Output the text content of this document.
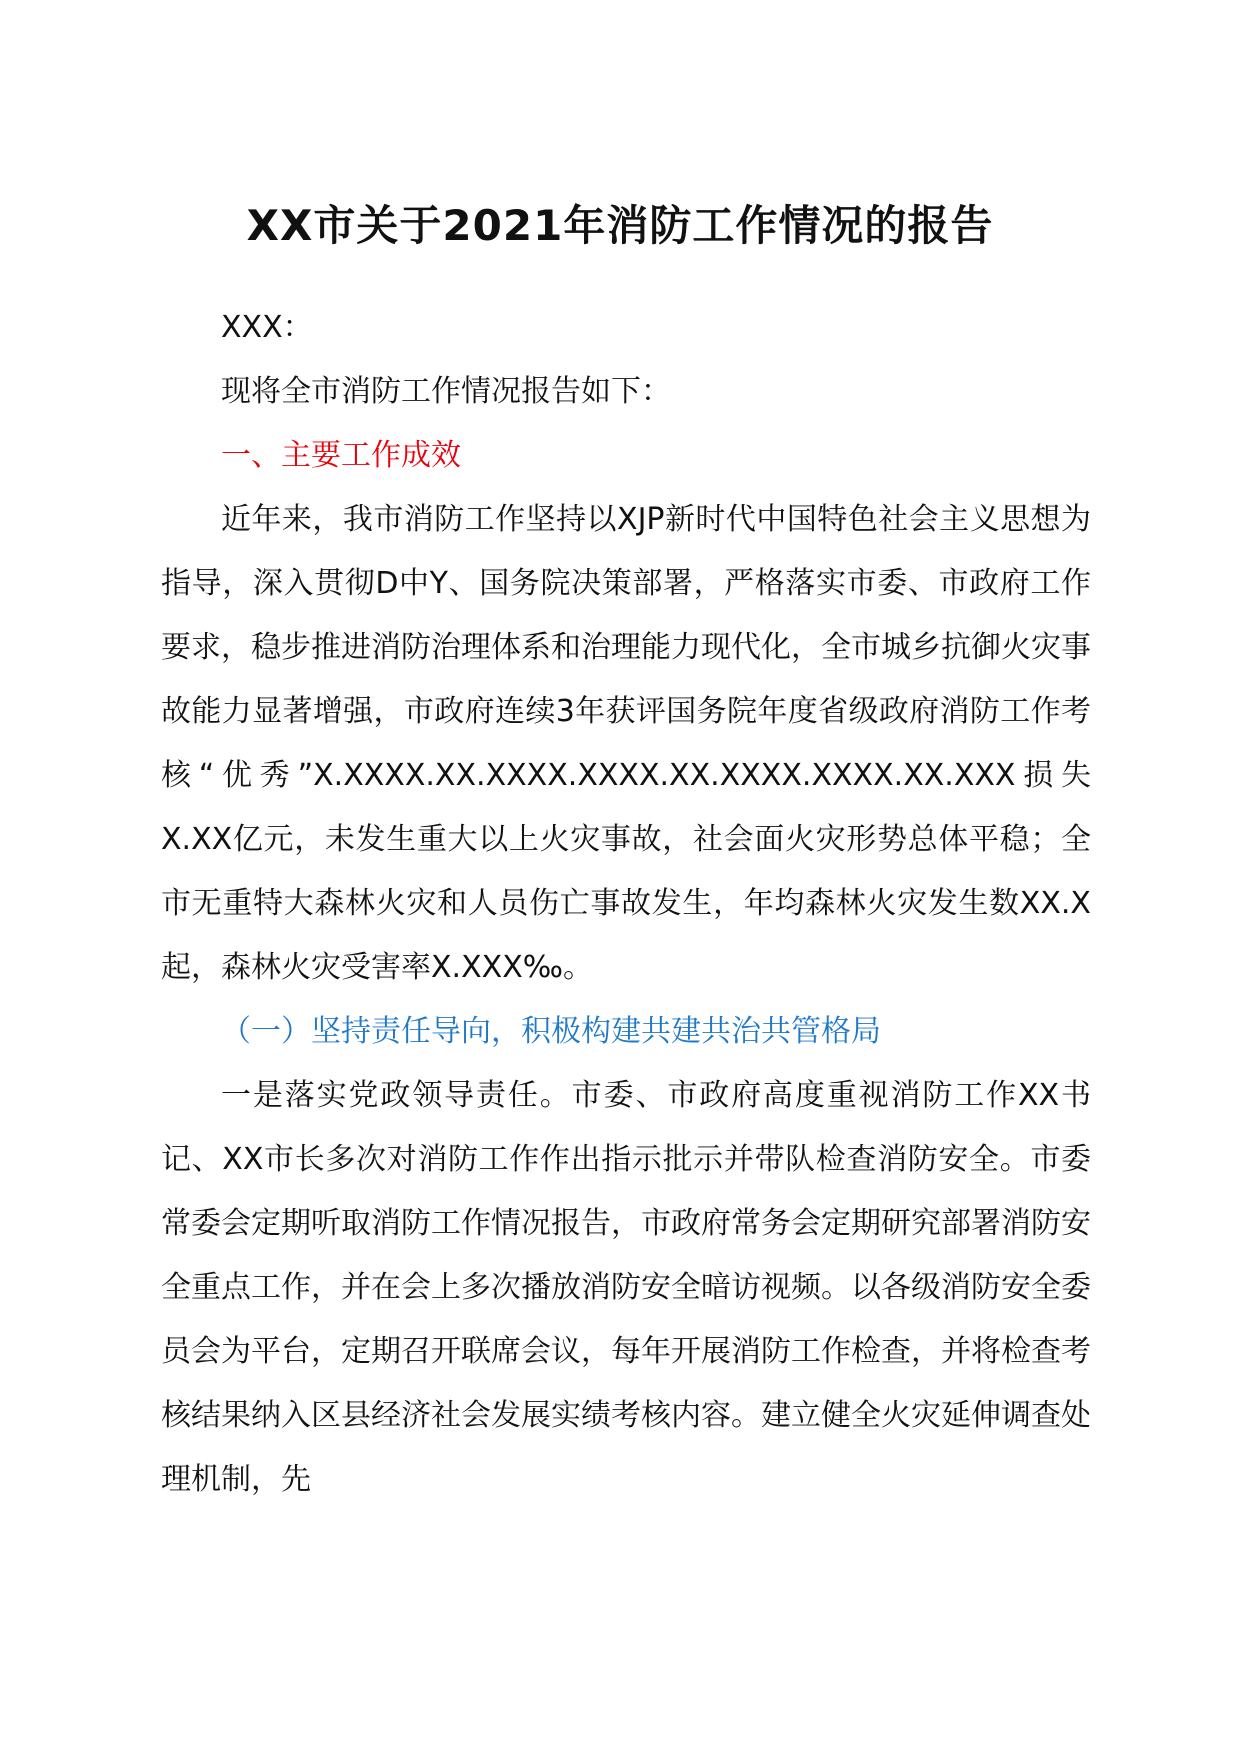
XX市关于2021年消防工作情况的报告

XXX：

现将全市消防工作情况报告如下：

一、主要工作成效

近年来，我市消防工作坚持以XJP新时代中国特色社会主义思想为指导，深入贯彻D中Y、国务院决策部署，严格落实市委、市政府工作要求，稳步推进消防治理体系和治理能力现代化，全市城乡抗御火灾事故能力显著增强，市政府连续3年获评国务院年度省级政府消防工作考核“优秀”X.XXXX.XX.XXXX.XXXX.XX.XXXX.XXXX.XX.XXX损失X.XX亿元，未发生重大以上火灾事故，社会面火灾形势总体平稳；全市无重特大森林火灾和人员伤亡事故发生，年均森林火灾发生数XX.X起，森林火灾受害率X.XXX‰。

（一）坚持责任导向，积极构建共建共治共管格局

一是落实党政领导责任。市委、市政府高度重视消防工作XX书记、XX市长多次对消防工作作出指示批示并带队检查消防安全。市委常委会定期听取消防工作情况报告，市政府常务会定期研究部署消防安全重点工作，并在会上多次播放消防安全暗访视频。以各级消防安全委员会为平台，定期召开联席会议，每年开展消防工作检查，并将检查考核结果纳入区县经济社会发展实绩考核内容。建立健全火灾延伸调查处理机制，先
